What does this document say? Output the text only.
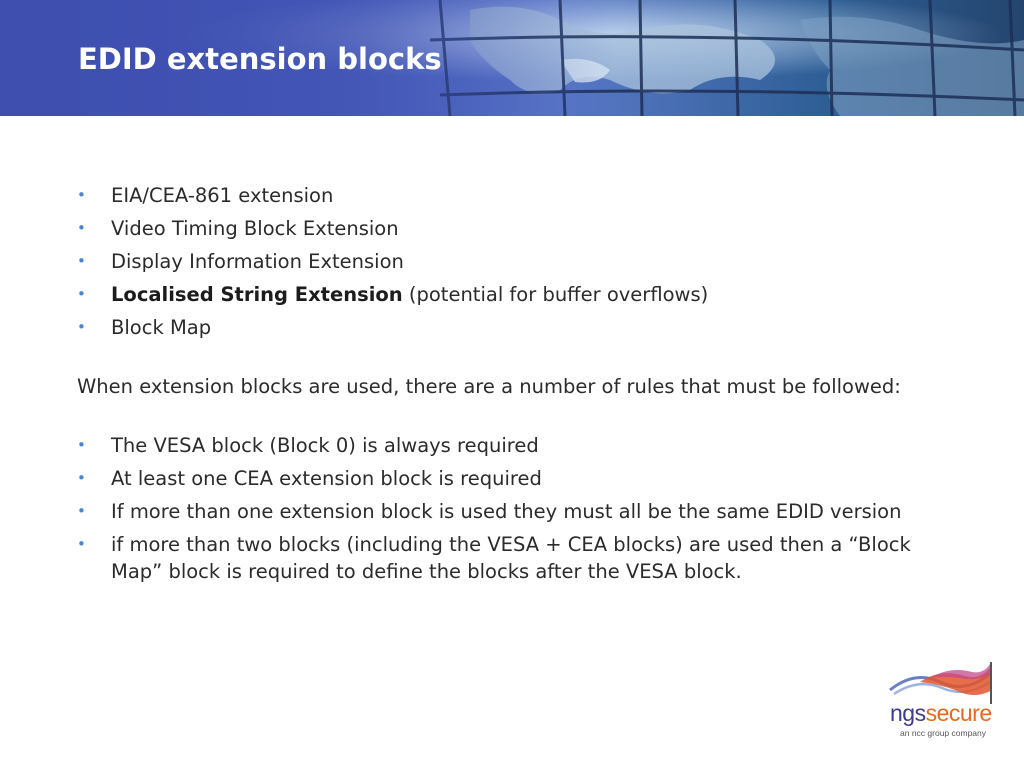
EDID extension blocks
• EIA/CEA-861 extension
• Video Timing Block Extension
• Display Information Extension
• Localised String Extension (potential for buffer overflows)
• Block Map

When extension blocks are used, there are a number of rules that must be followed:

• The VESA block (Block 0) is always required
• At least one CEA extension block is required
• If more than one extension block is used they must all be the same EDID version
• if more than two blocks (including the VESA + CEA blocks) are used then a “Block Map” block is required to define the blocks after the VESA block.
ngssecure
an ncc group company
